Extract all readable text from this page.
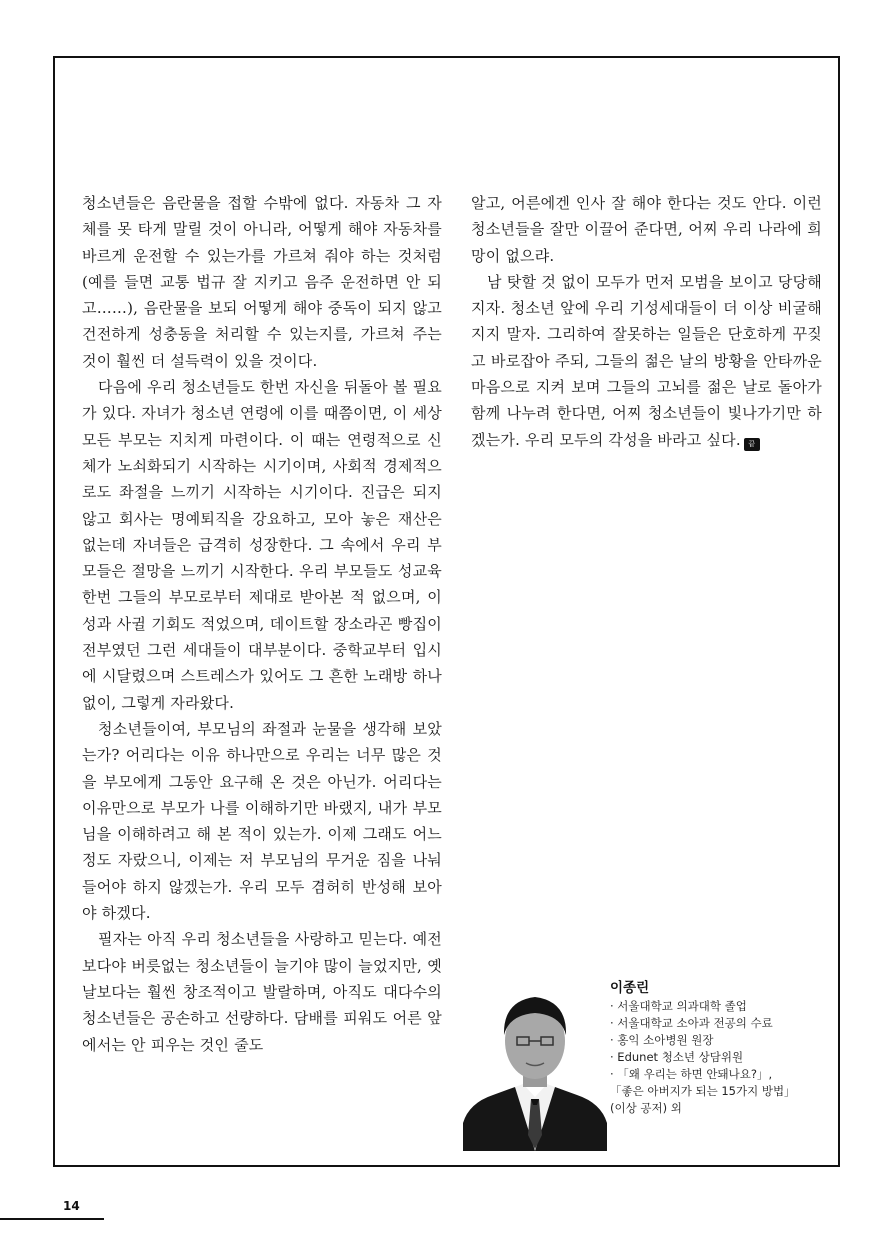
청소년들은 음란물을 접할 수밖에 없다. 자동차 그 자체를 못 타게 말릴 것이 아니라, 어떻게 해야 자동차를 바르게 운전할 수 있는가를 가르쳐 줘야 하는 것처럼(예를 들면 교통 법규 잘 지키고 음주 운전하면 안 되고……), 음란물을 보되 어떻게 해야 중독이 되지 않고 건전하게 성충동을 처리할 수 있는지를, 가르쳐 주는 것이 훨씬 더 설득력이 있을 것이다.

다음에 우리 청소년들도 한번 자신을 뒤돌아 볼 필요가 있다. 자녀가 청소년 연령에 이를 때쯤이면, 이 세상 모든 부모는 지치게 마련이다. 이 때는 연령적으로 신체가 노쇠화되기 시작하는 시기이며, 사회적 경제적으로도 좌절을 느끼기 시작하는 시기이다. 진급은 되지 않고 회사는 명예퇴직을 강요하고, 모아 놓은 재산은 없는데 자녀들은 급격히 성장한다. 그 속에서 우리 부모들은 절망을 느끼기 시작한다. 우리 부모들도 성교육 한번 그들의 부모로부터 제대로 받아본 적 없으며, 이성과 사귈 기회도 적었으며, 데이트할 장소라곤 빵집이 전부였던 그런 세대들이 대부분이다. 중학교부터 입시에 시달렸으며 스트레스가 있어도 그 흔한 노래방 하나 없이, 그렇게 자라왔다.

청소년들이여, 부모님의 좌절과 눈물을 생각해 보았는가? 어리다는 이유 하나만으로 우리는 너무 많은 것을 부모에게 그동안 요구해 온 것은 아닌가. 어리다는 이유만으로 부모가 나를 이해하기만 바랬지, 내가 부모님을 이해하려고 해 본 적이 있는가. 이제 그래도 어느 정도 자랐으니, 이제는 저 부모님의 무거운 짐을 나눠 들어야 하지 않겠는가. 우리 모두 겸허히 반성해 보아야 하겠다.

필자는 아직 우리 청소년들을 사랑하고 믿는다. 예전보다야 버릇없는 청소년들이 늘기야 많이 늘었지만, 옛날보다는 훨씬 창조적이고 발랄하며, 아직도 대다수의 청소년들은 공손하고 선량하다. 담배를 피워도 어른 앞에서는 안 피우는 것인 줄도

알고, 어른에겐 인사 잘 해야 한다는 것도 안다. 이런 청소년들을 잘만 이끌어 준다면, 어찌 우리 나라에 희망이 없으랴.

남 탓할 것 없이 모두가 먼저 모범을 보이고 당당해지자. 청소년 앞에 우리 기성세대들이 더 이상 비굴해지지 말자. 그리하여 잘못하는 일들은 단호하게 꾸짖고 바로잡아 주되, 그들의 젊은 날의 방황을 안타까운 마음으로 지켜 보며 그들의 고뇌를 젊은 날로 돌아가 함께 나누려 한다면, 어찌 청소년들이 빛나가기만 하겠는가. 우리 모두의 각성을 바라고 싶다. 끝

이종린
· 서울대학교 의과대학 졸업
· 서울대학교 소아과 전공의 수료
· 홍익 소아병원 원장
· Edunet 청소년 상담위원
· 「왜 우리는 하면 안돼나요?」,
「좋은 아버지가 되는 15가지 방법」
(이상 공저) 외
14
